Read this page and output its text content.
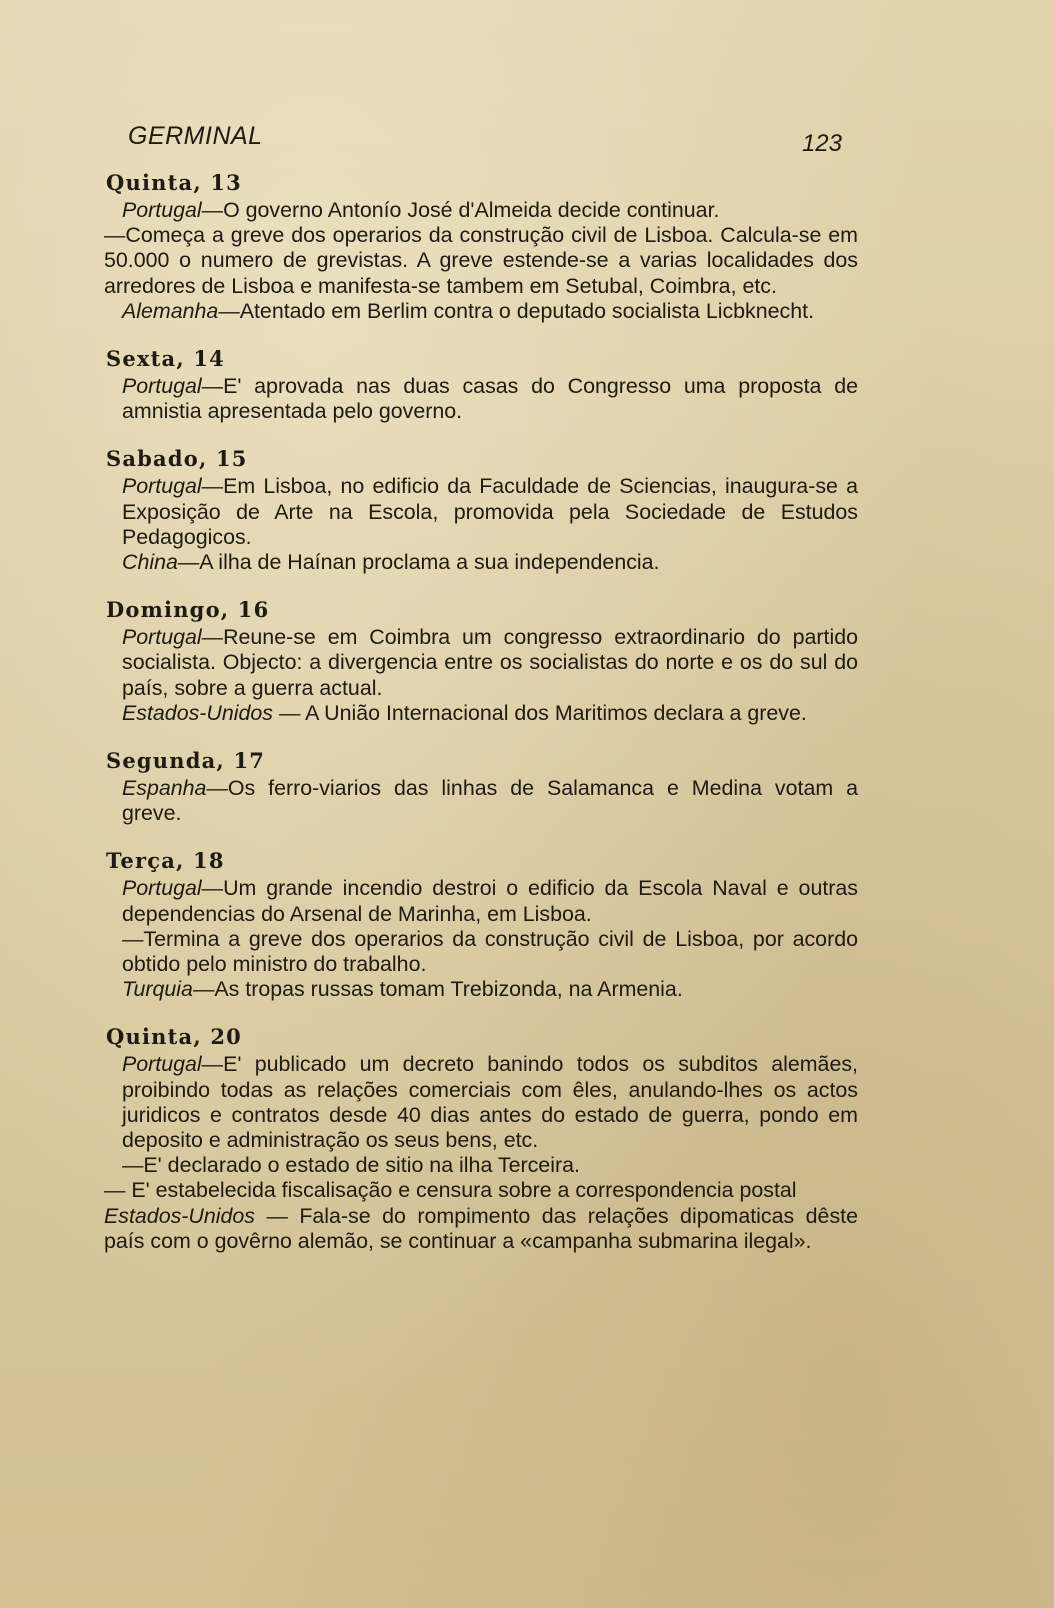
GERMINAL	123
Quinta, 13

Portugal—O governo Antonío José d'Almeida decide continuar.

—Começa a greve dos operarios da construção civil de Lisboa. Calcula-se em 50.000 o numero de grevistas. A greve estende-se a varias localidades dos arredores de Lisboa e manifesta-se tambem em Setubal, Coimbra, etc.

Alemanha—Atentado em Berlim contra o deputado socialista Licbknecht.

Sexta, 14

Portugal—E' aprovada nas duas casas do Congresso uma proposta de amnistia apresentada pelo governo.

Sabado, 15

Portugal—Em Lisboa, no edificio da Faculdade de Sciencias, inaugura-se a Exposição de Arte na Escola, promovida pela Sociedade de Estudos Pedagogicos.

China—A ilha de Haínan proclama a sua independencia.

Domingo, 16

Portugal—Reune-se em Coimbra um congresso extraordinario do partido socialista. Objecto: a divergencia entre os socialistas do norte e os do sul do país, sobre a guerra actual.

Estados-Unidos — A União Internacional dos Maritimos declara a greve.

Segunda, 17

Espanha—Os ferro-viarios das linhas de Salamanca e Medina votam a greve.

Terça, 18

Portugal—Um grande incendio destroi o edificio da Escola Naval e outras dependencias do Arsenal de Marinha, em Lisboa.

—Termina a greve dos operarios da construção civil de Lisboa, por acordo obtido pelo ministro do trabalho.

Turquia—As tropas russas tomam Trebizonda, na Armenia.

Quinta, 20

Portugal—E' publicado um decreto banindo todos os subditos alemães, proibindo todas as relações comerciais com êles, anulando-lhes os actos juridicos e contratos desde 40 dias antes do estado de guerra, pondo em deposito e administração os seus bens, etc.

—E' declarado o estado de sitio na ilha Terceira.

— E' estabelecida fiscalisação e censura sobre a correspondencia postal

Estados-Unidos — Fala-se do rompimento das relações dipomaticas dêste país com o govêrno alemão, se continuar a «campanha submarina ilegal».
